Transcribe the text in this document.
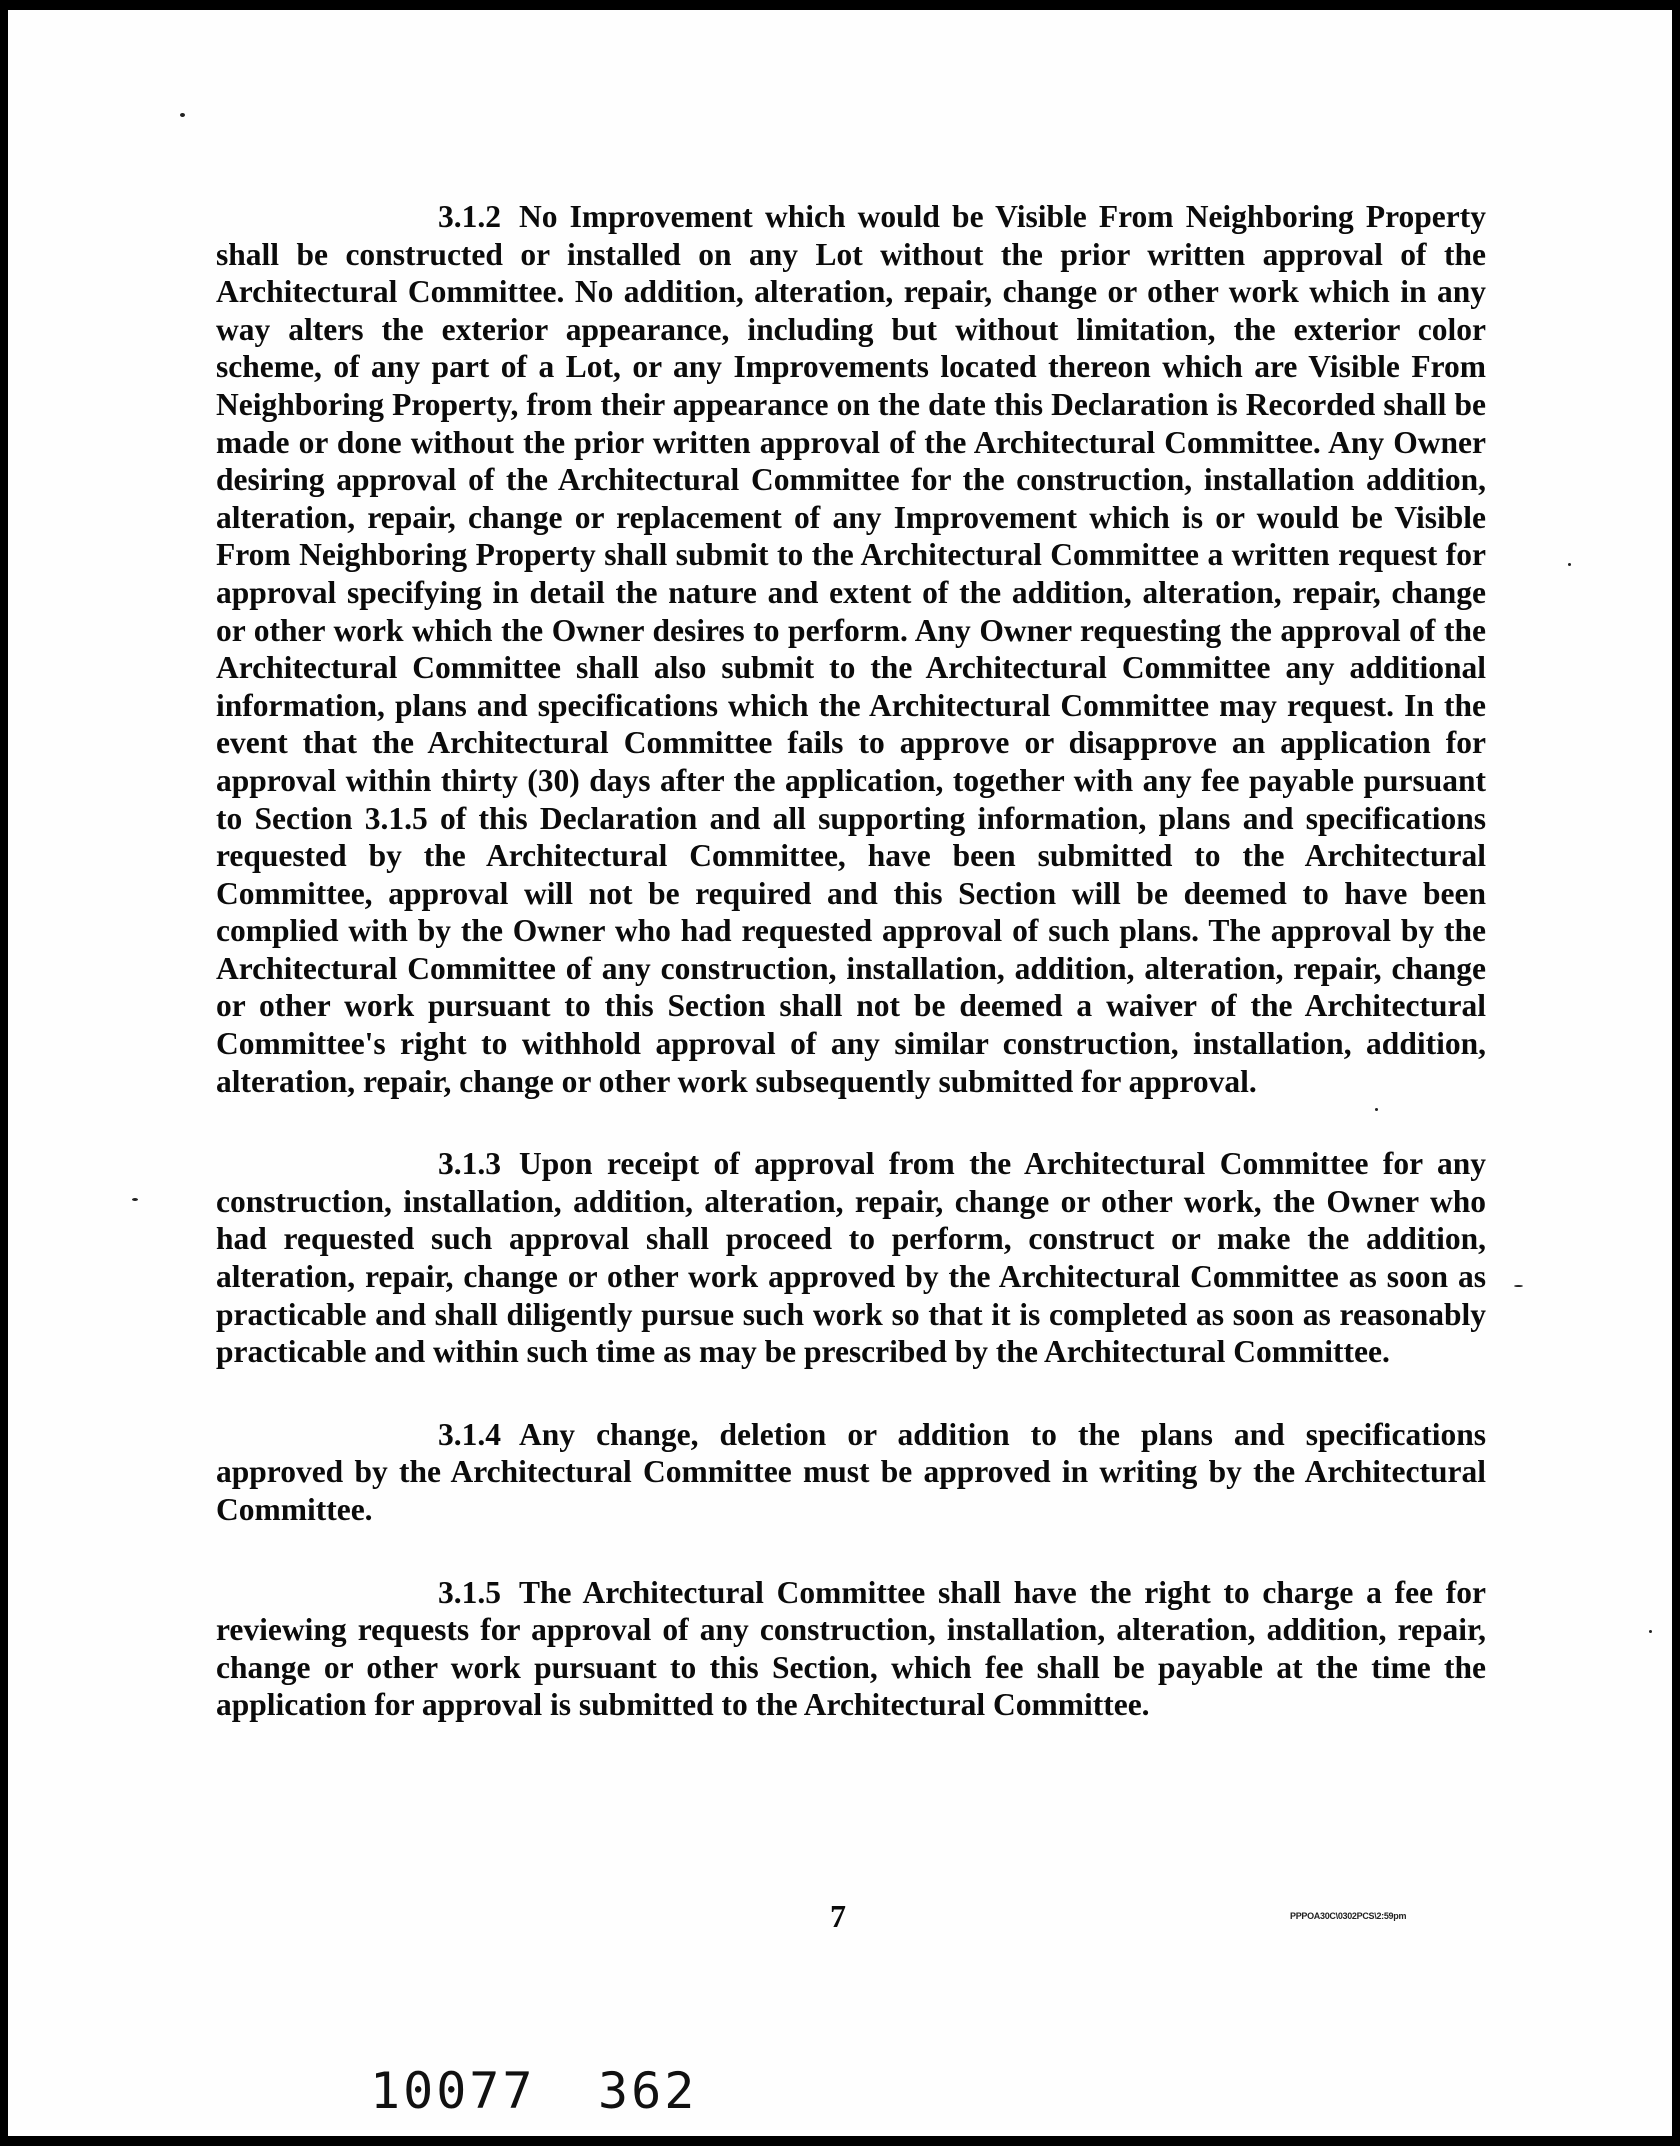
3.1.2 No Improvement which would be Visible From Neighboring Property shall be constructed or installed on any Lot without the prior written approval of the Architectural Committee. No addition, alteration, repair, change or other work which in any way alters the exterior appearance, including but without limitation, the exterior color scheme, of any part of a Lot, or any Improvements located thereon which are Visible From Neighboring Property, from their appearance on the date this Declaration is Recorded shall be made or done without the prior written approval of the Architectural Committee. Any Owner desiring approval of the Architectural Committee for the construction, installation addition, alteration, repair, change or replacement of any Improvement which is or would be Visible From Neighboring Property shall submit to the Architectural Committee a written request for approval specifying in detail the nature and extent of the addition, alteration, repair, change or other work which the Owner desires to perform. Any Owner requesting the approval of the Architectural Committee shall also submit to the Architectural Committee any additional information, plans and specifications which the Architectural Committee may request. In the event that the Architectural Committee fails to approve or disapprove an application for approval within thirty (30) days after the application, together with any fee payable pursuant to Section 3.1.5 of this Declaration and all supporting information, plans and specifications requested by the Architectural Committee, have been submitted to the Architectural Committee, approval will not be required and this Section will be deemed to have been complied with by the Owner who had requested approval of such plans. The approval by the Architectural Committee of any construction, installation, addition, alteration, repair, change or other work pursuant to this Section shall not be deemed a waiver of the Architectural Committee's right to withhold approval of any similar construction, installation, addition, alteration, repair, change or other work subsequently submitted for approval.

3.1.3 Upon receipt of approval from the Architectural Committee for any construction, installation, addition, alteration, repair, change or other work, the Owner who had requested such approval shall proceed to perform, construct or make the addition, alteration, repair, change or other work approved by the Architectural Committee as soon as practicable and shall diligently pursue such work so that it is completed as soon as reasonably practicable and within such time as may be prescribed by the Architectural Committee.

3.1.4 Any change, deletion or addition to the plans and specifications approved by the Architectural Committee must be approved in writing by the Architectural Committee.

3.1.5 The Architectural Committee shall have the right to charge a fee for reviewing requests for approval of any construction, installation, alteration, addition, repair, change or other work pursuant to this Section, which fee shall be payable at the time the application for approval is submitted to the Architectural Committee.

7	PPPOA30C\0302PCS\2:59pm
10077 362
